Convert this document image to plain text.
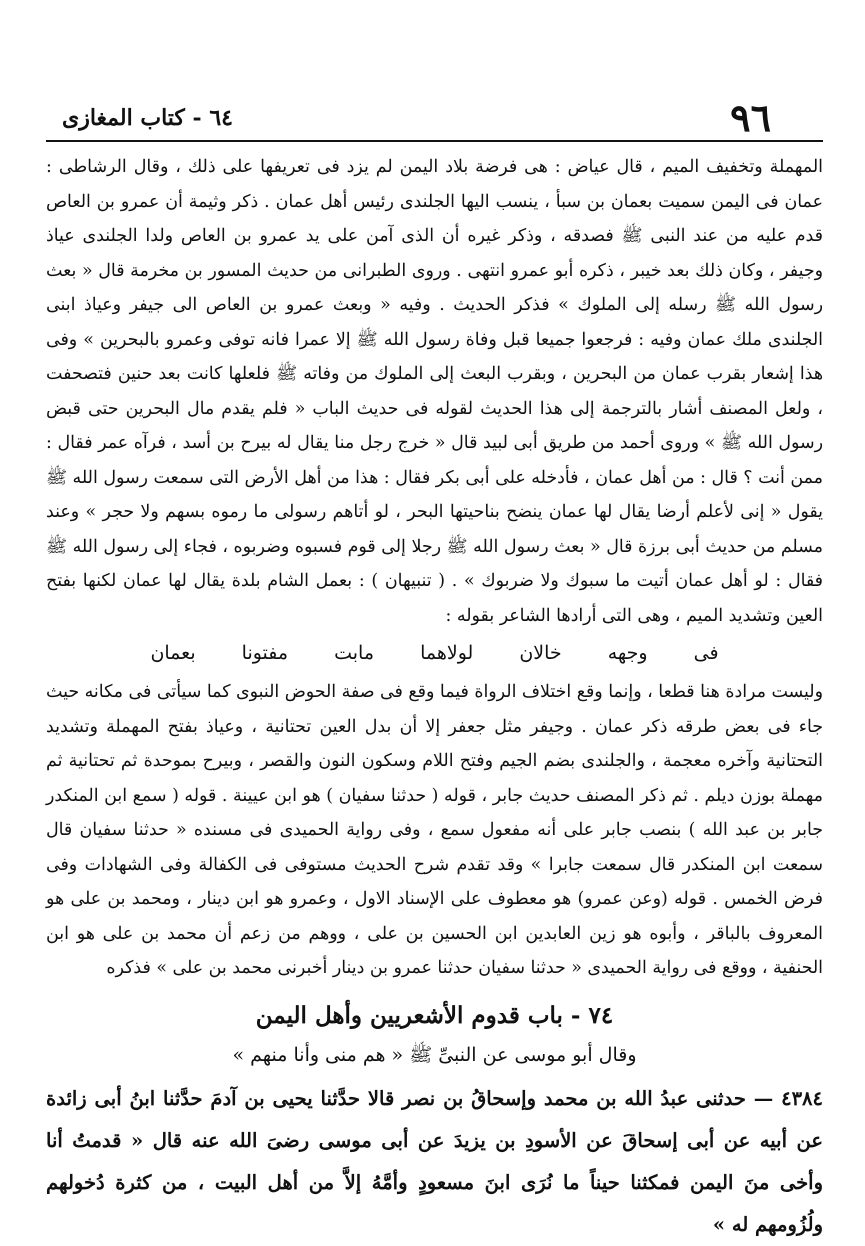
٩٦
٦٤ - كتاب المغازى

المهملة وتخفيف الميم ، قال عياض : هى فرضة بلاد اليمن لم يزد فى تعريفها على ذلك ، وقال الرشاطى : عمان فى اليمن سميت بعمان بن سبأ ، ينسب اليها الجلندى رئيس أهل عمان . ذكر وثيمة أن عمرو بن العاص قدم عليه من عند النبى ﷺ فصدقه ، وذكر غيره أن الذى آمن على يد عمرو بن العاص ولدا الجلندى عياذ وجيفر ، وكان ذلك بعد خيبر ، ذكره أبو عمرو انتهى . وروى الطبرانى من حديث المسور بن مخرمة قال « بعث رسول الله ﷺ رسله إلى الملوك » فذكر الحديث . وفيه « وبعث عمرو بن العاص الى جيفر وعياذ ابنى الجلندى ملك عمان وفيه : فرجعوا جميعا قبل وفاة رسول الله ﷺ إلا عمرا فانه توفى وعمرو بالبحرين » وفى هذا إشعار بقرب عمان من البحرين ، وبقرب البعث إلى الملوك من وفاته ﷺ فلعلها كانت بعد حنين فتصحفت ، ولعل المصنف أشار بالترجمة إلى هذا الحديث لقوله فى حديث الباب « فلم يقدم مال البحرين حتى قبض رسول الله ﷺ » وروى أحمد من طريق أبى لبيد قال « خرج رجل منا يقال له بيرح بن أسد ، فرآه عمر فقال : ممن أنت ؟ قال : من أهل عمان ، فأدخله على أبى بكر فقال : هذا من أهل الأرض التى سمعت رسول الله ﷺ يقول « إنى لأعلم أرضا يقال لها عمان ينضح بناحيتها البحر ، لو أتاهم رسولى ما رموه بسهم ولا حجر » وعند مسلم من حديث أبى برزة قال « بعث رسول الله ﷺ رجلا إلى قوم فسبوه وضربوه ، فجاء إلى رسول الله ﷺ فقال : لو أهل عمان أتيت ما سبوك ولا ضربوك » . ( تنبيهان ) : بعمل الشام بلدة يقال لها عمان لكنها بفتح العين وتشديد الميم ، وهى التى أرادها الشاعر بقوله :

فى وجهه خالان لولاهما مابت مفتونا بعمان

وليست مرادة هنا قطعا ، وإنما وقع اختلاف الرواة فيما وقع فى صفة الحوض النبوى كما سيأتى فى مكانه حيث جاء فى بعض طرقه ذكر عمان . وجيفر مثل جعفر إلا أن بدل العين تحتانية ، وعياذ بفتح المهملة وتشديد التحتانية وآخره معجمة ، والجلندى بضم الجيم وفتح اللام وسكون النون والقصر ، وبيرح بموحدة ثم تحتانية ثم مهملة بوزن ديلم . ثم ذكر المصنف حديث جابر ، قوله ( حدثنا سفيان ) هو ابن عيينة . قوله ( سمع ابن المنكدر جابر بن عبد الله ) بنصب جابر على أنه مفعول سمع ، وفى رواية الحميدى فى مسنده « حدثنا سفيان قال سمعت ابن المنكدر قال سمعت جابرا » وقد تقدم شرح الحديث مستوفى فى الكفالة وفى الشهادات وفى فرض الخمس . قوله (وعن عمرو) هو معطوف على الإسناد الاول ، وعمرو هو ابن دينار ، ومحمد بن على هو المعروف بالباقر ، وأبوه هو زين العابدين ابن الحسين بن على ، ووهم من زعم أن محمد بن على هو ابن الحنفية ، ووقع فى رواية الحميدى « حدثنا سفيان حدثنا عمرو بن دينار أخبرنى محمد بن على » فذكره

٧٤ - باب قدوم الأشعريين وأهل اليمن

وقال أبو موسى عن النبىِّ ﷺ « هم منى وأنا منهم »

٤٣٨٤ — حدثنى عبدُ الله بن محمد وإسحاقُ بن نصر قالا حدَّثنا يحيى بن آدمَ حدَّثنا ابنُ أبى زائدة عن أبيه عن أبى إسحاقَ عن الأسودِ بن يزيدَ عن أبى موسى رضىَ الله عنه قال « قدمتُ أنا وأخى منَ اليمن فمكثنا حيناً ما نُرَى ابنَ مسعودٍ وأمَّهُ إلاَّ من أهل البيت ، من كثرة دُخولهم ولُزُومهم له »
